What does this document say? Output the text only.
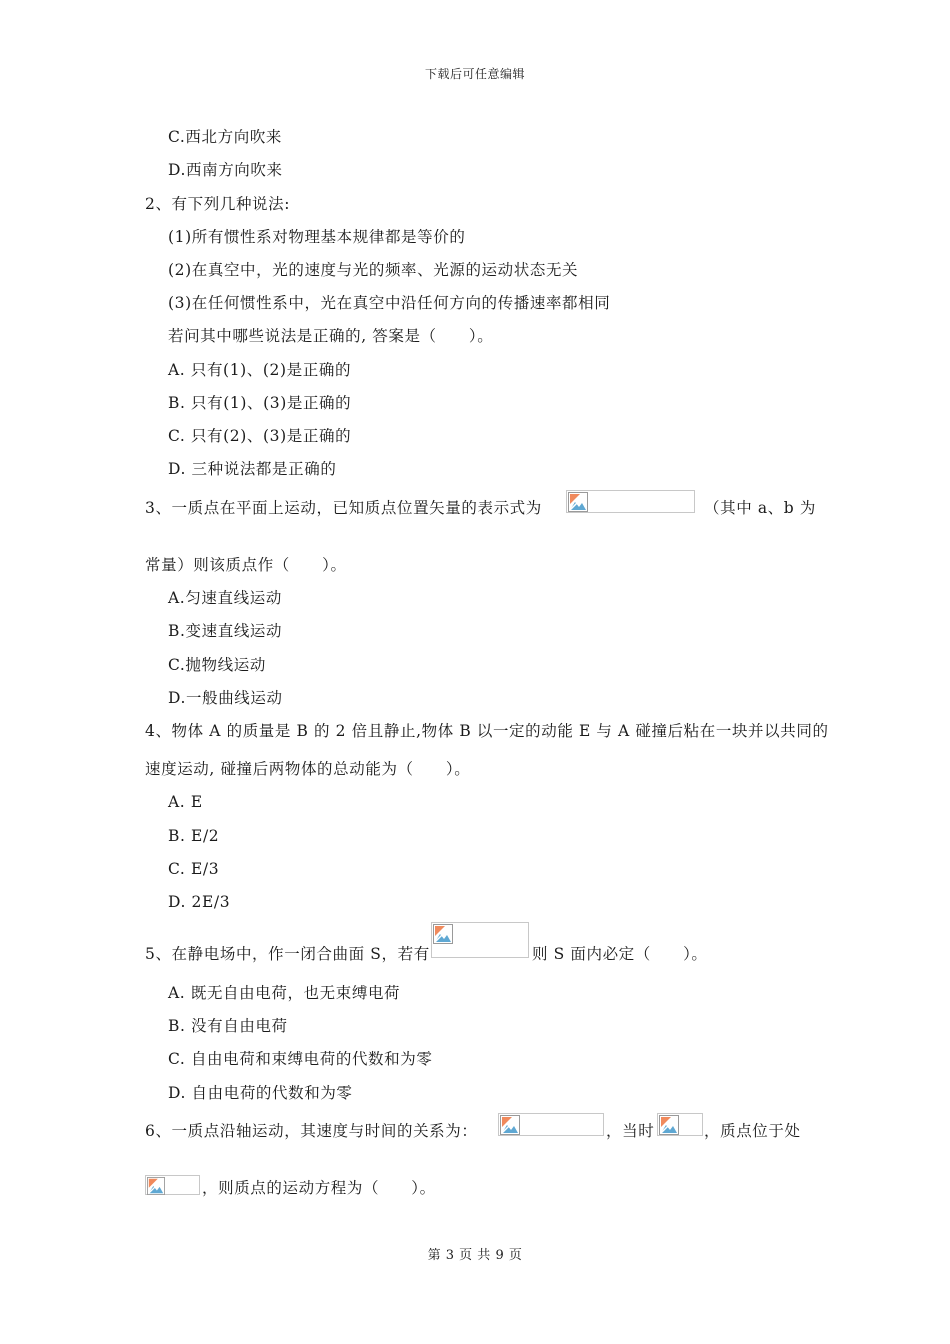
下载后可任意编辑
C.西北方向吹来
D.西南方向吹来
2、有下列几种说法:
(1)所有惯性系对物理基本规律都是等价的
(2)在真空中，光的速度与光的频率、光源的运动状态无关
(3)在任何惯性系中，光在真空中沿任何方向的传播速率都相同
若问其中哪些说法是正确的, 答案是（　　）。
A. 只有(1)、(2)是正确的
B. 只有(1)、(3)是正确的
C. 只有(2)、(3)是正确的
D. 三种说法都是正确的
3、一质点在平面上运动，已知质点位置矢量的表示式为	（其中 a、b 为
常量）则该质点作（　　）。
A.匀速直线运动
B.变速直线运动
C.抛物线运动
D.一般曲线运动
4、物体 A 的质量是 B 的 2 倍且静止,物体 B 以一定的动能 E 与 A 碰撞后粘在一块并以共同的
速度运动, 碰撞后两物体的总动能为（　　）。
A. E
B. E/2
C. E/3
D. 2E/3
5、在静电场中，作一闭合曲面 S，若有	则 S 面内必定（　　）。
A. 既无自由电荷，也无束缚电荷
B. 没有自由电荷
C. 自由电荷和束缚电荷的代数和为零
D. 自由电荷的代数和为零
6、一质点沿轴运动，其速度与时间的关系为：	，当时	，质点位于处
，则质点的运动方程为（　　）。
第 3 页 共 9 页
